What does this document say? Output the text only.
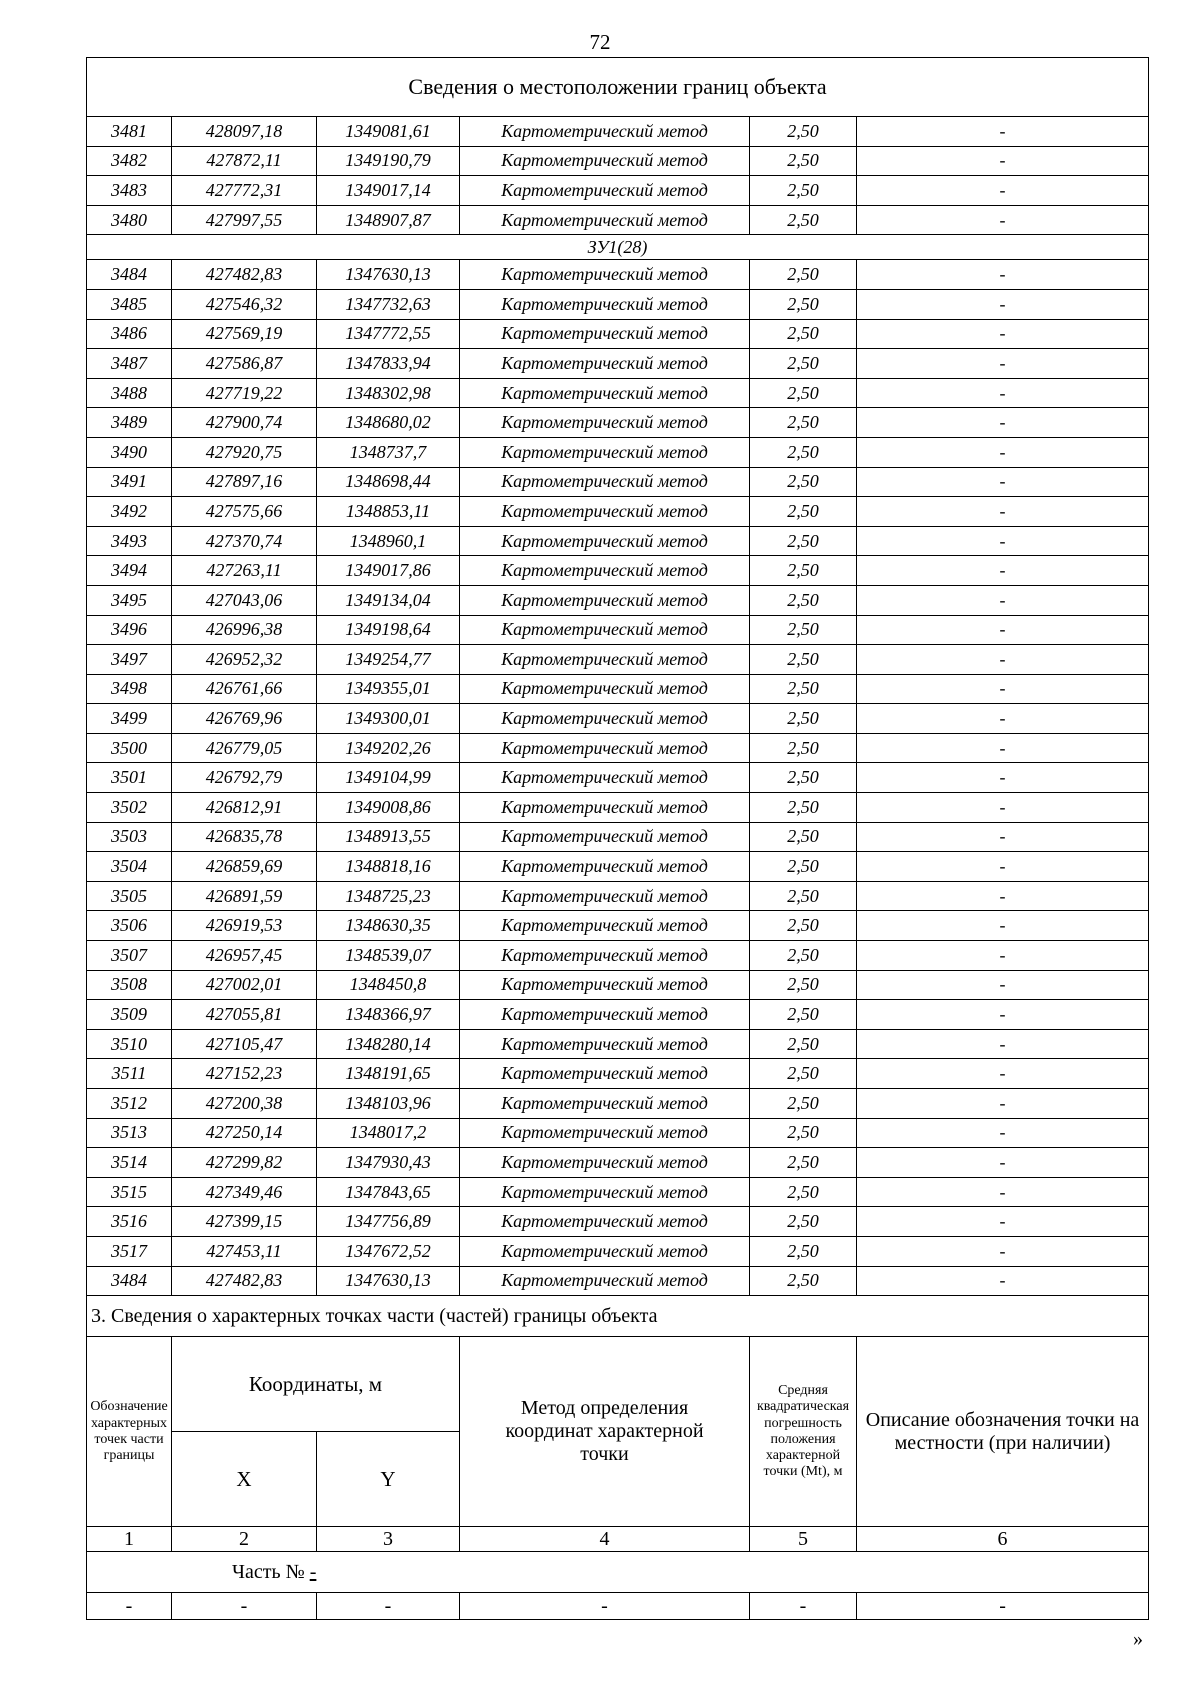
72
Сведения о местоположении границ объекта					
3481	428097,18	1349081,61	Картометрический метод	2,50	-
3482	427872,11	1349190,79	Картометрический метод	2,50	-
3483	427772,31	1349017,14	Картометрический метод	2,50	-
3480	427997,55	1348907,87	Картометрический метод	2,50	-
ЗУ1(28)					
3484	427482,83	1347630,13	Картометрический метод	2,50	-
3485	427546,32	1347732,63	Картометрический метод	2,50	-
3486	427569,19	1347772,55	Картометрический метод	2,50	-
3487	427586,87	1347833,94	Картометрический метод	2,50	-
3488	427719,22	1348302,98	Картометрический метод	2,50	-
3489	427900,74	1348680,02	Картометрический метод	2,50	-
3490	427920,75	1348737,7	Картометрический метод	2,50	-
3491	427897,16	1348698,44	Картометрический метод	2,50	-
3492	427575,66	1348853,11	Картометрический метод	2,50	-
3493	427370,74	1348960,1	Картометрический метод	2,50	-
3494	427263,11	1349017,86	Картометрический метод	2,50	-
3495	427043,06	1349134,04	Картометрический метод	2,50	-
3496	426996,38	1349198,64	Картометрический метод	2,50	-
3497	426952,32	1349254,77	Картометрический метод	2,50	-
3498	426761,66	1349355,01	Картометрический метод	2,50	-
3499	426769,96	1349300,01	Картометрический метод	2,50	-
3500	426779,05	1349202,26	Картометрический метод	2,50	-
3501	426792,79	1349104,99	Картометрический метод	2,50	-
3502	426812,91	1349008,86	Картометрический метод	2,50	-
3503	426835,78	1348913,55	Картометрический метод	2,50	-
3504	426859,69	1348818,16	Картометрический метод	2,50	-
3505	426891,59	1348725,23	Картометрический метод	2,50	-
3506	426919,53	1348630,35	Картометрический метод	2,50	-
3507	426957,45	1348539,07	Картометрический метод	2,50	-
3508	427002,01	1348450,8	Картометрический метод	2,50	-
3509	427055,81	1348366,97	Картометрический метод	2,50	-
3510	427105,47	1348280,14	Картометрический метод	2,50	-
3511	427152,23	1348191,65	Картометрический метод	2,50	-
3512	427200,38	1348103,96	Картометрический метод	2,50	-
3513	427250,14	1348017,2	Картометрический метод	2,50	-
3514	427299,82	1347930,43	Картометрический метод	2,50	-
3515	427349,46	1347843,65	Картометрический метод	2,50	-
3516	427399,15	1347756,89	Картометрический метод	2,50	-
3517	427453,11	1347672,52	Картометрический метод	2,50	-
3484	427482,83	1347630,13	Картометрический метод	2,50	-
3. Сведения о характерных точках части (частей) границы объекта					
Обозначение характерных точек части границы	Координаты, м		Метод определения координат характерной точки	Средняя квадратическая погрешность положения характерной точки (Mt), м	Описание обозначения точки на местности (при наличии)
	X	Y			
1	2	3	4	5	6
Часть № -					
-	-	-	-	-	-
»
